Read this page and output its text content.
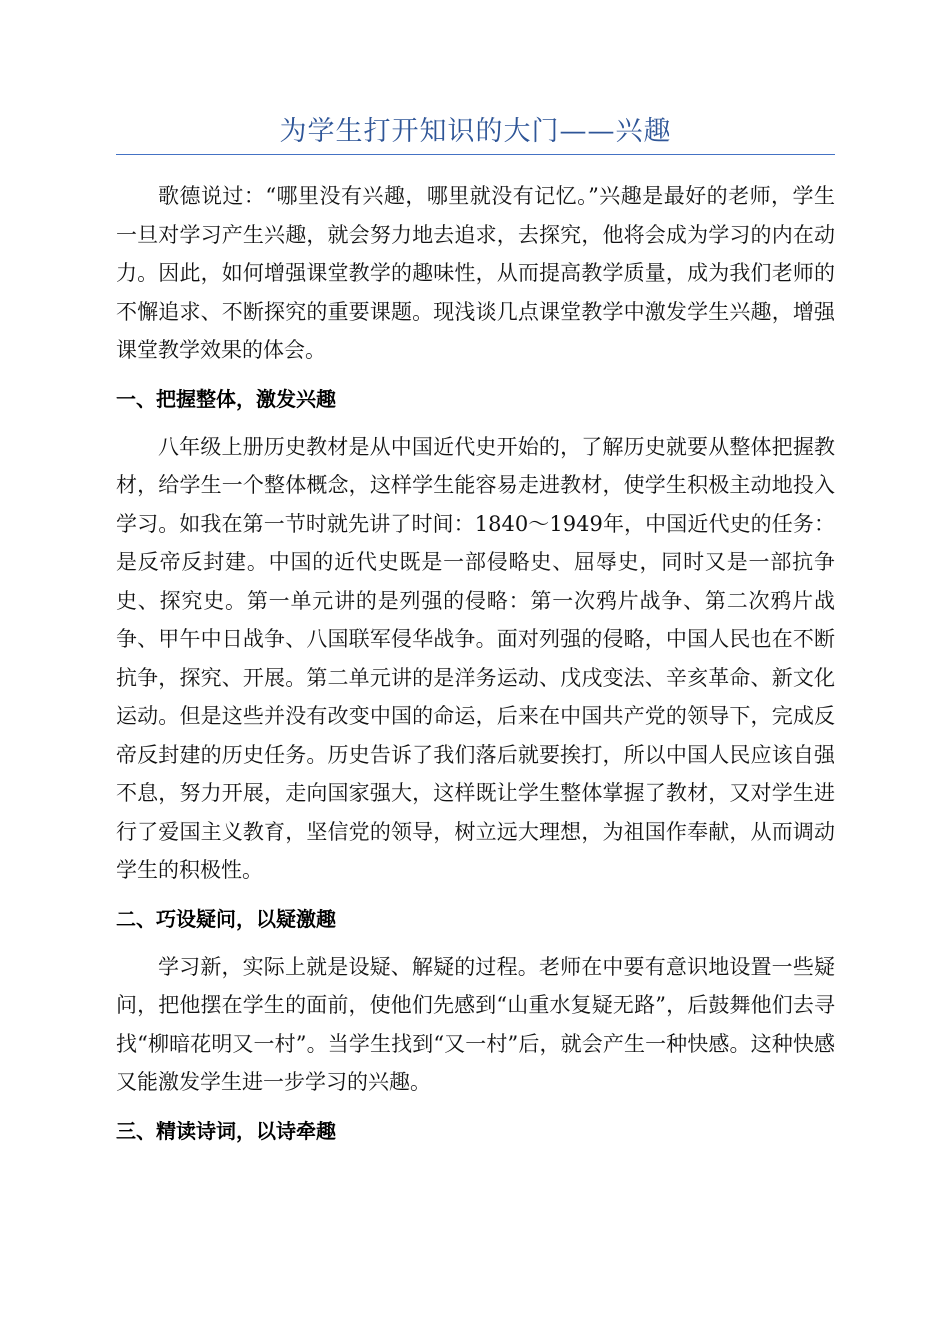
为学生打开知识的大门——兴趣

歌德说过：“哪里没有兴趣，哪里就没有记忆。”兴趣是最好的老师，学生一旦对学习产生兴趣，就会努力地去追求，去探究，他将会成为学习的内在动力。因此，如何增强课堂教学的趣味性，从而提高教学质量，成为我们老师的不懈追求、不断探究的重要课题。现浅谈几点课堂教学中激发学生兴趣，增强课堂教学效果的体会。

一、把握整体，激发兴趣

八年级上册历史教材是从中国近代史开始的，了解历史就要从整体把握教材，给学生一个整体概念，这样学生能容易走进教材，使学生积极主动地投入学习。如我在第一节时就先讲了时间：1840～1949年，中国近代史的任务：是反帝反封建。中国的近代史既是一部侵略史、屈辱史，同时又是一部抗争史、探究史。第一单元讲的是列强的侵略：第一次鸦片战争、第二次鸦片战争、甲午中日战争、八国联军侵华战争。面对列强的侵略，中国人民也在不断抗争，探究、开展。第二单元讲的是洋务运动、戊戌变法、辛亥革命、新文化运动。但是这些并没有改变中国的命运，后来在中国共产党的领导下，完成反帝反封建的历史任务。历史告诉了我们落后就要挨打，所以中国人民应该自强不息，努力开展，走向国家强大，这样既让学生整体掌握了教材，又对学生进行了爱国主义教育，坚信党的领导，树立远大理想，为祖国作奉献，从而调动学生的积极性。

二、巧设疑问，以疑激趣

学习新，实际上就是设疑、解疑的过程。老师在中要有意识地设置一些疑问，把他摆在学生的面前，使他们先感到“山重水复疑无路”，后鼓舞他们去寻找“柳暗花明又一村”。当学生找到“又一村”后，就会产生一种快感。这种快感又能激发学生进一步学习的兴趣。

三、精读诗词，以诗牵趣
